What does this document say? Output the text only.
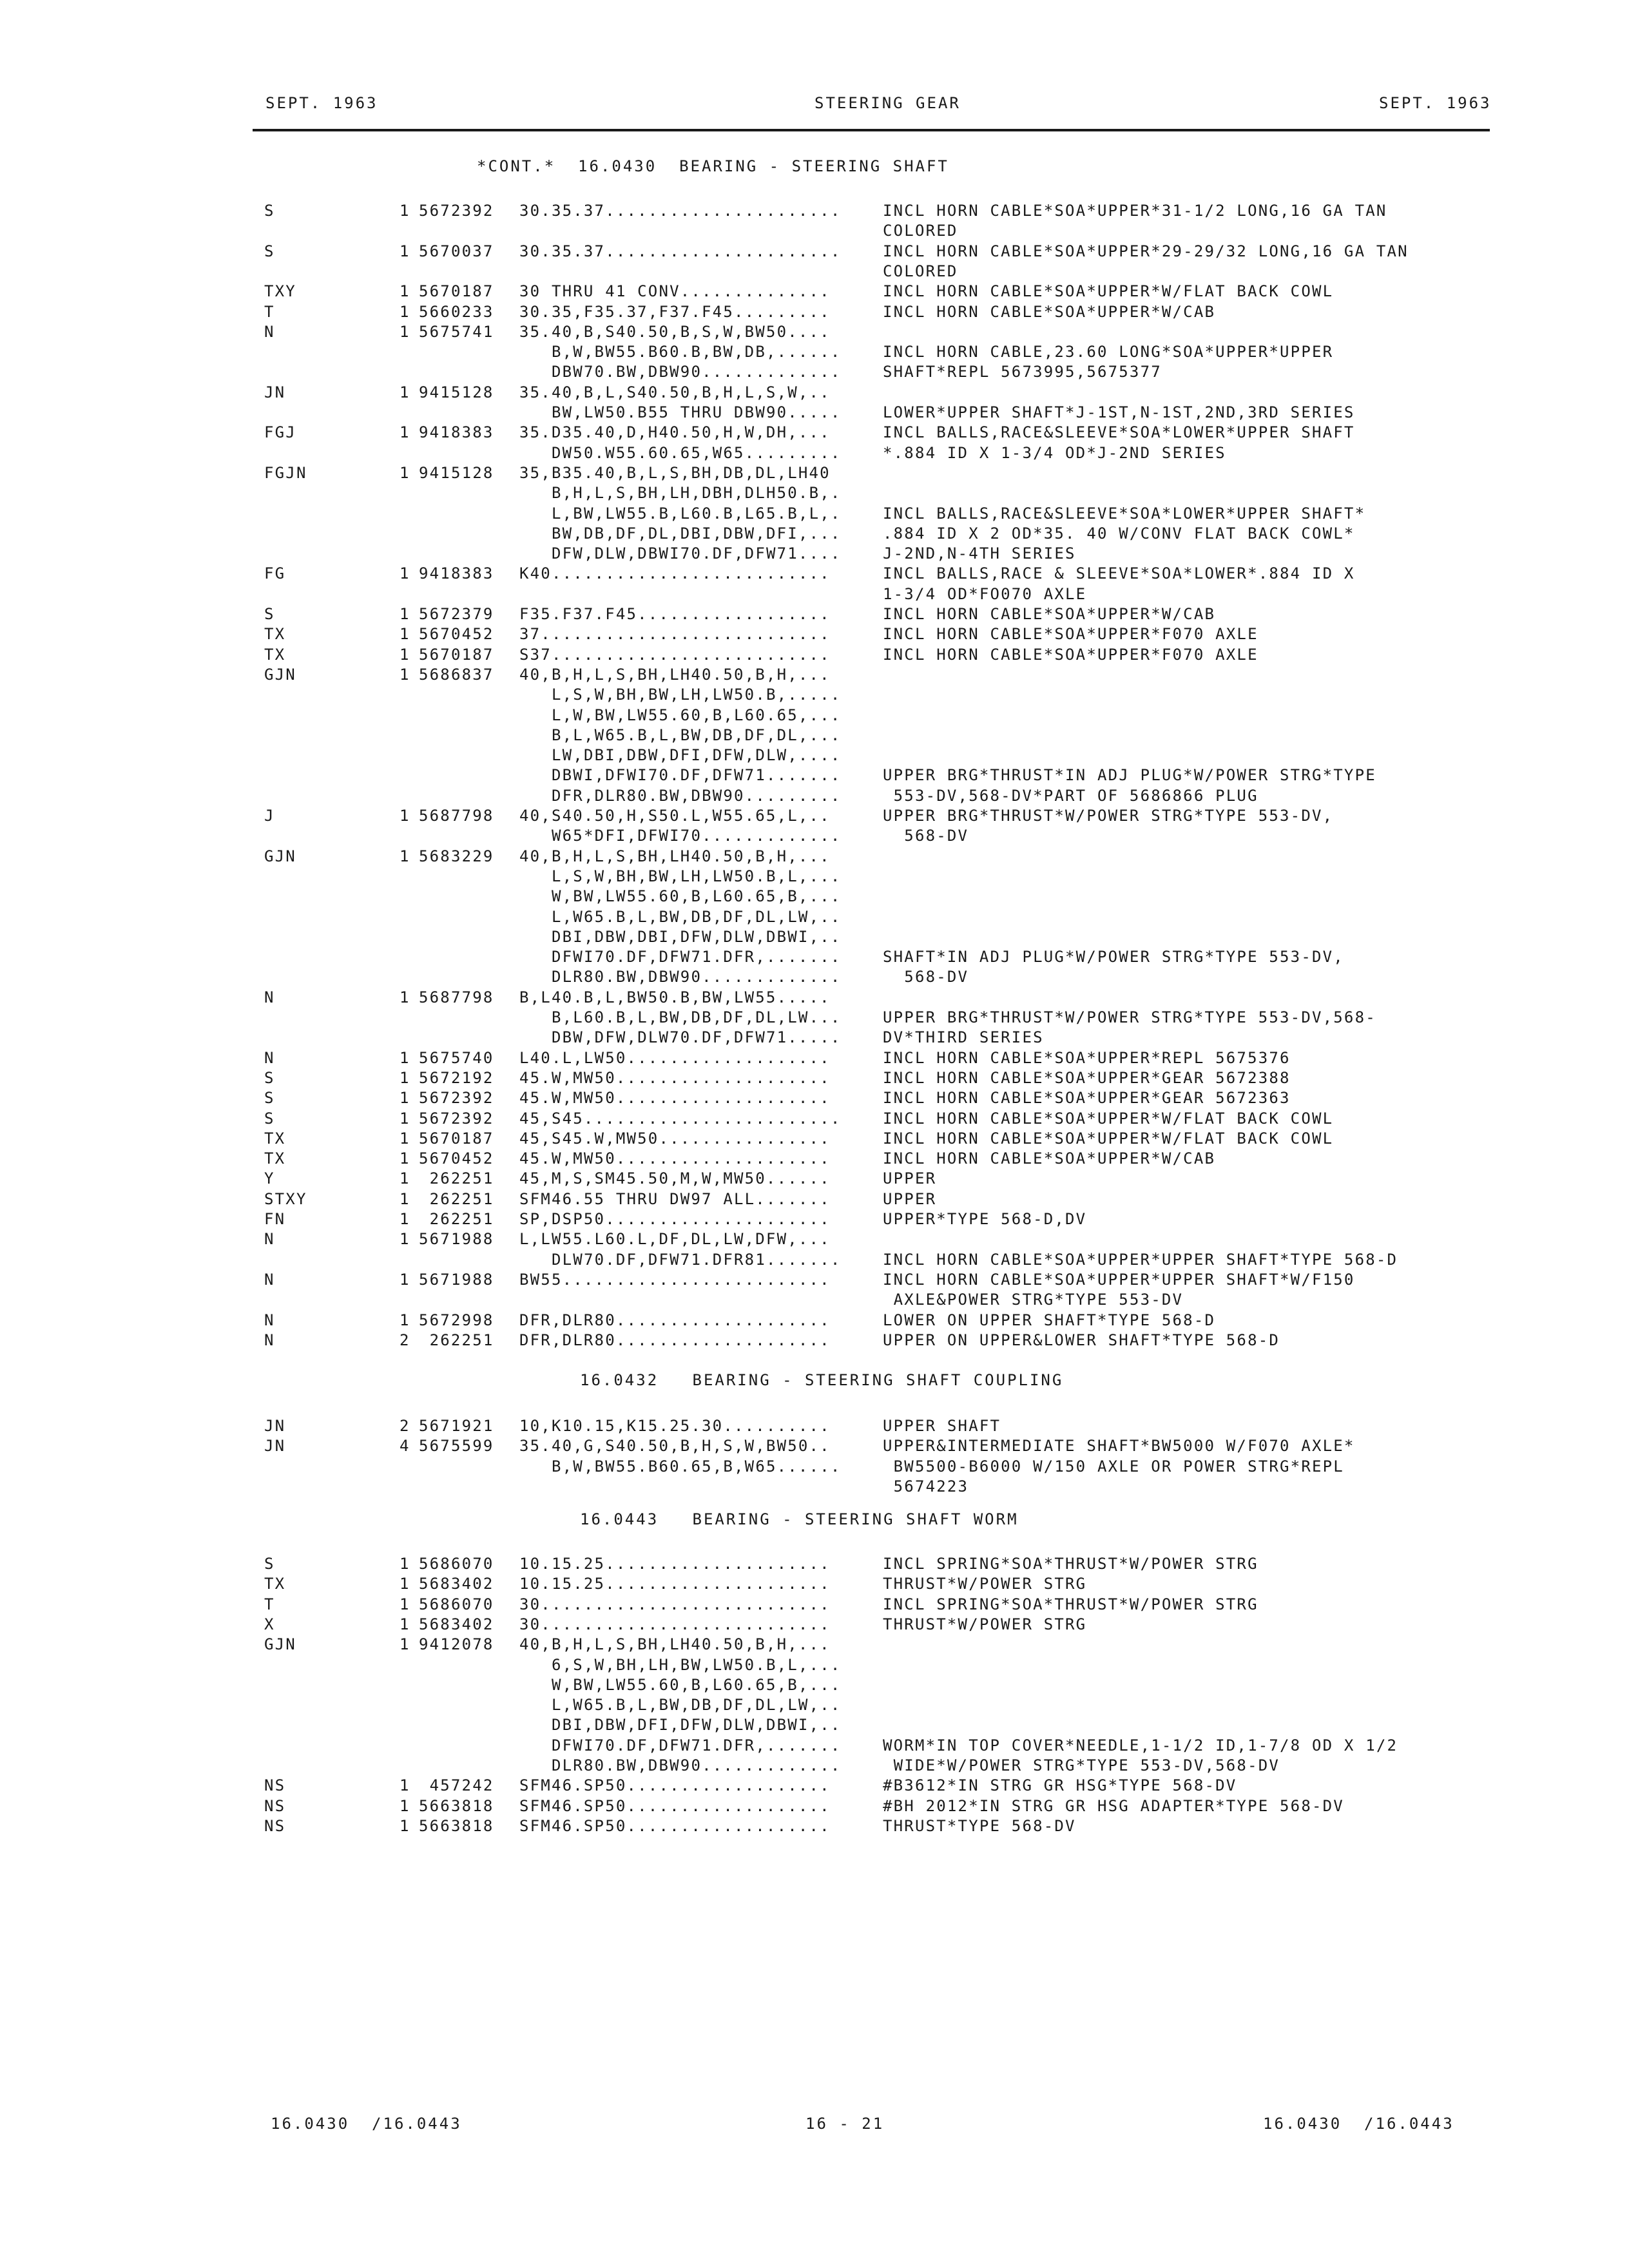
SEPT. 1963	STEERING GEAR	SEPT. 1963
*CONT.*  16.0430  BEARING - STEERING SHAFT
S	1 5672392 30.35.37......................	INCL HORN CABLE*SOA*UPPER*31-1/2 LONG,16 GA TAN
COLORED
S	1 5670037 30.35.37......................	INCL HORN CABLE*SOA*UPPER*29-29/32 LONG,16 GA TAN
COLORED
TXY	1 5670187 30 THRU 41 CONV..............	INCL HORN CABLE*SOA*UPPER*W/FLAT BACK COWL
T	1 5660233 30.35,F35.37,F37.F45.........	INCL HORN CABLE*SOA*UPPER*W/CAB
N	1 5675741 35.40,B,S40.50,B,S,W,BW50....
B,W,BW55.B60.B,BW,DB,......	INCL HORN CABLE,23.60 LONG*SOA*UPPER*UPPER
DBW70.BW,DBW90.............	SHAFT*REPL 5673995,5675377
JN	1 9415128 35.40,B,L,S40.50,B,H,L,S,W,..
BW,LW50.B55 THRU DBW90.....	LOWER*UPPER SHAFT*J-1ST,N-1ST,2ND,3RD SERIES
FGJ	1 9418383 35.D35.40,D,H40.50,H,W,DH,...	INCL BALLS,RACE&SLEEVE*SOA*LOWER*UPPER SHAFT
DW50.W55.60.65,W65.........	*.884 ID X 1-3/4 OD*J-2ND SERIES
FGJN	1 9415128 35,B35.40,B,L,S,BH,DB,DL,LH40
B,H,L,S,BH,LH,DBH,DLH50.B,.
L,BW,LW55.B,L60.B,L65.B,L,.	INCL BALLS,RACE&SLEEVE*SOA*LOWER*UPPER SHAFT*
BW,DB,DF,DL,DBI,DBW,DFI,...	.884 ID X 2 OD*35. 40 W/CONV FLAT BACK COWL*
DFW,DLW,DBWI70.DF,DFW71....	J-2ND,N-4TH SERIES
FG	1 9418383 K40..........................	INCL BALLS,RACE & SLEEVE*SOA*LOWER*.884 ID X
1-3/4 OD*FO070 AXLE
S	1 5672379 F35.F37.F45..................	INCL HORN CABLE*SOA*UPPER*W/CAB
TX	1 5670452 37...........................	INCL HORN CABLE*SOA*UPPER*F070 AXLE
TX	1 5670187 S37..........................	INCL HORN CABLE*SOA*UPPER*F070 AXLE
GJN	1 5686837 40,B,H,L,S,BH,LH40.50,B,H,...
L,S,W,BH,BW,LH,LW50.B,.....
L,W,BW,LW55.60,B,L60.65,...
B,L,W65.B,L,BW,DB,DF,DL,...
LW,DBI,DBW,DFI,DFW,DLW,....
DBWI,DFWI70.DF,DFW71.......	UPPER BRG*THRUST*IN ADJ PLUG*W/POWER STRG*TYPE
DFR,DLR80.BW,DBW90.........	553-DV,568-DV*PART OF 5686866 PLUG
J	1 5687798 40,S40.50,H,S50.L,W55.65,L,..	UPPER BRG*THRUST*W/POWER STRG*TYPE 553-DV,
W65*DFI,DFWI70.............	568-DV
GJN	1 5683229 40,B,H,L,S,BH,LH40.50,B,H,...
L,S,W,BH,BW,LH,LW50.B,L,...
W,BW,LW55.60,B,L60.65,B,...
L,W65.B,L,BW,DB,DF,DL,LW,..
DBI,DBW,DBI,DFW,DLW,DBWI,..
DFWI70.DF,DFW71.DFR,.......	SHAFT*IN ADJ PLUG*W/POWER STRG*TYPE 553-DV,
DLR80.BW,DBW90.............	568-DV
N	1 5687798 B,L40.B,L,BW50.B,BW,LW55.....
B,L60.B,L,BW,DB,DF,DL,LW...	UPPER BRG*THRUST*W/POWER STRG*TYPE 553-DV,568-
DBW,DFW,DLW70.DF,DFW71.....	DV*THIRD SERIES
N	1 5675740 L40.L,LW50...................	INCL HORN CABLE*SOA*UPPER*REPL 5675376
S	1 5672192 45.W,MW50....................	INCL HORN CABLE*SOA*UPPER*GEAR 5672388
S	1 5672392 45.W,MW50....................	INCL HORN CABLE*SOA*UPPER*GEAR 5672363
S	1 5672392 45,S45........................	INCL HORN CABLE*SOA*UPPER*W/FLAT BACK COWL
TX	1 5670187 45,S45.W,MW50................	INCL HORN CABLE*SOA*UPPER*W/FLAT BACK COWL
TX	1 5670452 45.W,MW50....................	INCL HORN CABLE*SOA*UPPER*W/CAB
Y	1 262251 45,M,S,SM45.50,M,W,MW50......	UPPER
STXY	1 262251 SFM46.55 THRU DW97 ALL.......	UPPER
FN	1 262251 SP,DSP50.....................	UPPER*TYPE 568-D,DV
N	1 5671988 L,LW55.L60.L,DF,DL,LW,DFW,...
DLW70.DF,DFW71.DFR81.......	INCL HORN CABLE*SOA*UPPER*UPPER SHAFT*TYPE 568-D
N	1 5671988 BW55.........................	INCL HORN CABLE*SOA*UPPER*UPPER SHAFT*W/F150
AXLE&POWER STRG*TYPE 553-DV
N	1 5672998 DFR,DLR80....................	LOWER ON UPPER SHAFT*TYPE 568-D
N	2 262251 DFR,DLR80....................	UPPER ON UPPER&LOWER SHAFT*TYPE 568-D
16.0432   BEARING - STEERING SHAFT COUPLING
JN	2 5671921 10,K10.15,K15.25.30..........	UPPER SHAFT
JN	4 5675599 35.40,G,S40.50,B,H,S,W,BW50..	UPPER&INTERMEDIATE SHAFT*BW5000 W/F070 AXLE*
B,W,BW55.B60.65,B,W65......	BW5500-B6000 W/150 AXLE OR POWER STRG*REPL
5674223
16.0443   BEARING - STEERING SHAFT WORM
S	1 5686070 10.15.25.....................	INCL SPRING*SOA*THRUST*W/POWER STRG
TX	1 5683402 10.15.25.....................	THRUST*W/POWER STRG
T	1 5686070 30...........................	INCL SPRING*SOA*THRUST*W/POWER STRG
X	1 5683402 30...........................	THRUST*W/POWER STRG
GJN	1 9412078 40,B,H,L,S,BH,LH40.50,B,H,...
6,S,W,BH,LH,BW,LW50.B,L,...
W,BW,LW55.60,B,L60.65,B,...
L,W65.B,L,BW,DB,DF,DL,LW,..
DBI,DBW,DFI,DFW,DLW,DBWI,..
DFWI70.DF,DFW71.DFR,.......	WORM*IN TOP COVER*NEEDLE,1-1/2 ID,1-7/8 OD X 1/2
DLR80.BW,DBW90.............	WIDE*W/POWER STRG*TYPE 553-DV,568-DV
NS	1 457242 SFM46.SP50...................	#B3612*IN STRG GR HSG*TYPE 568-DV
NS	1 5663818 SFM46.SP50...................	#BH 2012*IN STRG GR HSG ADAPTER*TYPE 568-DV
NS	1 5663818 SFM46.SP50...................	THRUST*TYPE 568-DV
16.0430  /16.0443	16 - 21	16.0430  /16.0443
